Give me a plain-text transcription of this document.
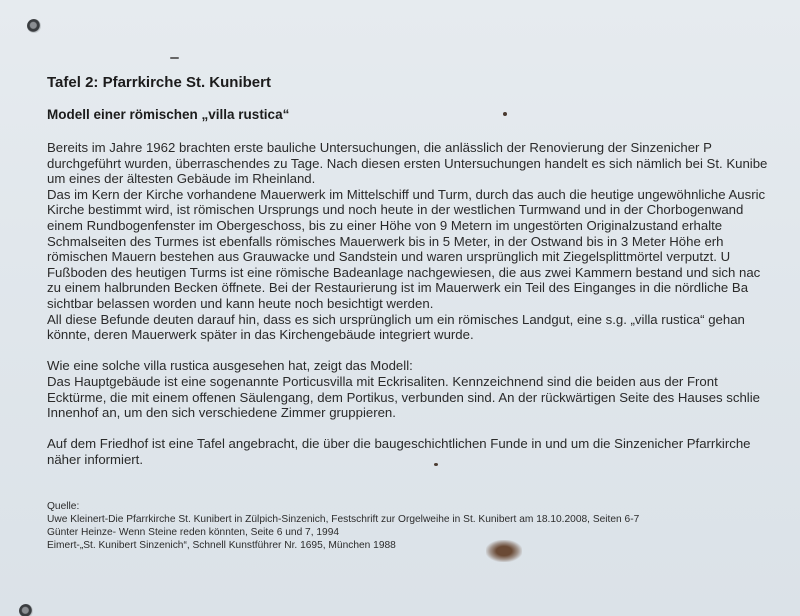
Tafel 2: Pfarrkirche St. Kunibert
Modell einer römischen „villa rustica“
Bereits im Jahre 1962 brachten erste bauliche Untersuchungen, die anlässlich der Renovierung der Sinzenicher P
durchgeführt wurden, überraschendes zu Tage. Nach diesen ersten Untersuchungen handelt es sich nämlich bei St. Kunibe
um eines der ältesten Gebäude im Rheinland.
Das im Kern der Kirche vorhandene Mauerwerk im Mittelschiff und Turm, durch das auch die heutige ungewöhnliche Ausric
Kirche bestimmt wird, ist römischen Ursprungs und noch heute in der westlichen Turmwand und in der Chorbogenwand
einem Rundbogenfenster im Obergeschoss, bis zu einer Höhe von 9 Metern im ungestörten Originalzustand erhalte
Schmalseiten des Turmes ist ebenfalls römisches Mauerwerk bis in 5 Meter, in der Ostwand bis in 3 Meter Höhe erh
römischen Mauern bestehen aus Grauwacke und Sandstein und waren ursprünglich mit Ziegelsplittmörtel verputzt. U
Fußboden des heutigen Turms ist eine römische Badeanlage nachgewiesen, die aus zwei Kammern bestand und sich nac
zu einem halbrunden Becken öffnete. Bei der Restaurierung ist im Mauerwerk ein Teil des Einganges in die nördliche Ba
sichtbar belassen worden und kann heute noch besichtigt werden.
All diese Befunde deuten darauf hin, dass es sich ursprünglich um ein römisches Landgut, eine s.g. „villa rustica“ gehan
könnte, deren Mauerwerk später in das Kirchengebäude integriert wurde.
Wie eine solche villa rustica ausgesehen hat, zeigt das Modell:
Das Hauptgebäude ist eine sogenannte Porticusvilla mit Eckrisaliten. Kennzeichnend sind die beiden aus der Front
Ecktürme, die mit einem offenen Säulengang, dem Portikus, verbunden sind. An der rückwärtigen Seite des Hauses schlie
Innenhof an, um den sich verschiedene Zimmer gruppieren.
Auf dem Friedhof ist eine Tafel angebracht, die über die baugeschichtlichen Funde in und um die Sinzenicher Pfarrkirche
näher informiert.
Quelle:
Uwe Kleinert-Die Pfarrkirche St. Kunibert in Zülpich-Sinzenich, Festschrift zur Orgelweihe in St. Kunibert am 18.10.2008, Seiten 6-7
Günter Heinze- Wenn Steine reden könnten, Seite 6 und 7, 1994
Eimert-„St. Kunibert Sinzenich“, Schnell Kunstführer Nr. 1695, München 1988
